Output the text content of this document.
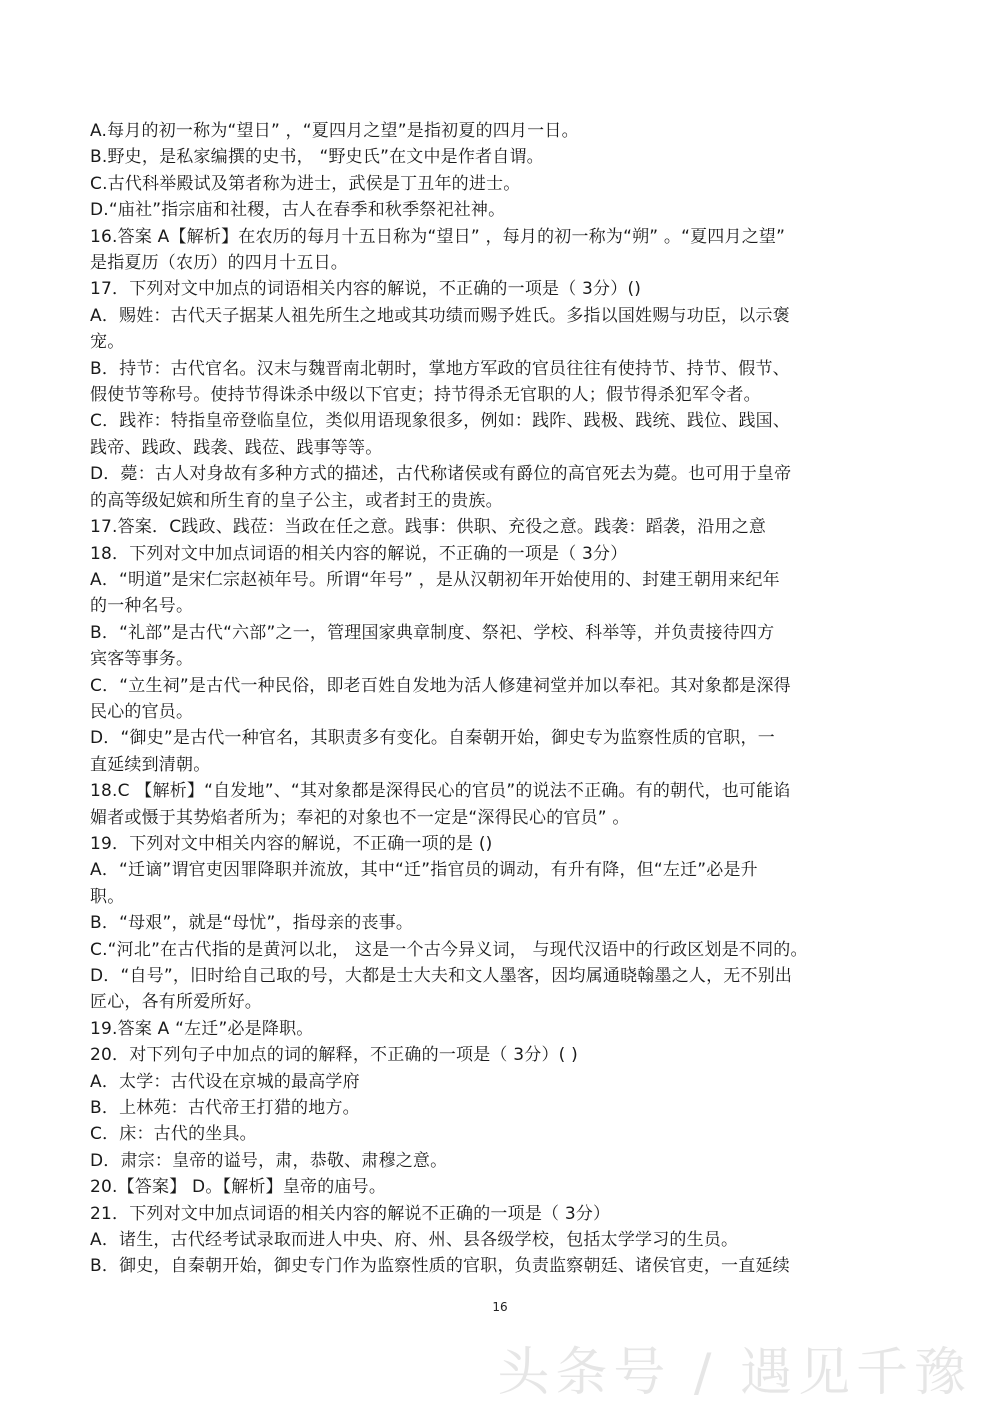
A.每月的初一称为“望日” ，“夏四月之望”是指初夏的四月一日。
B.野史，是私家编撰的史书， “野史氏”在文中是作者自谓。
C.古代科举殿试及第者称为进士，武侯是丁丑年的进士。
D.“庙社”指宗庙和社稷，古人在春季和秋季祭祀社神。
16.答案 A【解析】在农历的每月十五日称为“望日” ，每月的初一称为“朔” 。“夏四月之望”
是指夏历（农历）的四月十五日。
17．下列对文中加点的词语相关内容的解说，不正确的一项是（ 3分）()
A．赐姓：古代天子据某人祖先所生之地或其功绩而赐予姓氏。多指以国姓赐与功臣，以示褒
宠。
B．持节：古代官名。汉末与魏晋南北朝时，掌地方军政的官员往往有使持节、持节、假节、
假使节等称号。使持节得诛杀中级以下官吏；持节得杀无官职的人；假节得杀犯军令者。
C．践祚：特指皇帝登临皇位，类似用语现象很多，例如：践阼、践极、践统、践位、践国、
践帝、践政、践袭、践莅、践事等等。
D．薨：古人对身故有多种方式的描述，古代称诸侯或有爵位的高官死去为薨。也可用于皇帝
的高等级妃嫔和所生育的皇子公主，或者封王的贵族。
17.答案．C践政、践莅：当政在任之意。践事：供职、充役之意。践袭：蹈袭，沿用之意
18．下列对文中加点词语的相关内容的解说，不正确的一项是（ 3分）
A．“明道”是宋仁宗赵祯年号。所谓“年号” ，是从汉朝初年开始使用的、封建王朝用来纪年
的一种名号。
B．“礼部”是古代“六部”之一，管理国家典章制度、祭祀、学校、科举等，并负责接待四方
宾客等事务。
C．“立生祠”是古代一种民俗，即老百姓自发地为活人修建祠堂并加以奉祀。其对象都是深得
民心的官员。
D．“御史”是古代一种官名，其职责多有变化。自秦朝开始，御史专为监察性质的官职，一
直延续到清朝。
18.C 【解析】“自发地”、“其对象都是深得民心的官员”的说法不正确。有的朝代，也可能谄
媚者或慑于其势焰者所为；奉祀的对象也不一定是“深得民心的官员” 。
19．下列对文中相关内容的解说，不正确一项的是 ()
A．“迁谪”谓官吏因罪降职并流放，其中“迁”指官员的调动，有升有降，但“左迁”必是升
职。
B．“母艰”，就是“母忧”，指母亲的丧事。
C.“河北”在古代指的是黄河以北， 这是一个古今异义词， 与现代汉语中的行政区划是不同的。
D．“自号”，旧时给自己取的号，大都是士大夫和文人墨客，因均属通晓翰墨之人，无不别出
匠心，各有所爱所好。
19.答案 A “左迁”必是降职。
20．对下列句子中加点的词的解释，不正确的一项是（ 3分）( )
A．太学：古代设在京城的最高学府
B．上林苑：古代帝王打猎的地方。
C．床：古代的坐具。
D．肃宗：皇帝的谥号，肃，恭敬、肃穆之意。
20.【答案】 D。【解析】皇帝的庙号。
21．下列对文中加点词语的相关内容的解说不正确的一项是（ 3分）
A．诸生，古代经考试录取而进人中央、府、州、县各级学校，包括太学学习的生员。
B．御史，自秦朝开始，御史专门作为监察性质的官职，负责监察朝廷、诸侯官吏，一直延续
16
头条号 / 遇见千豫
